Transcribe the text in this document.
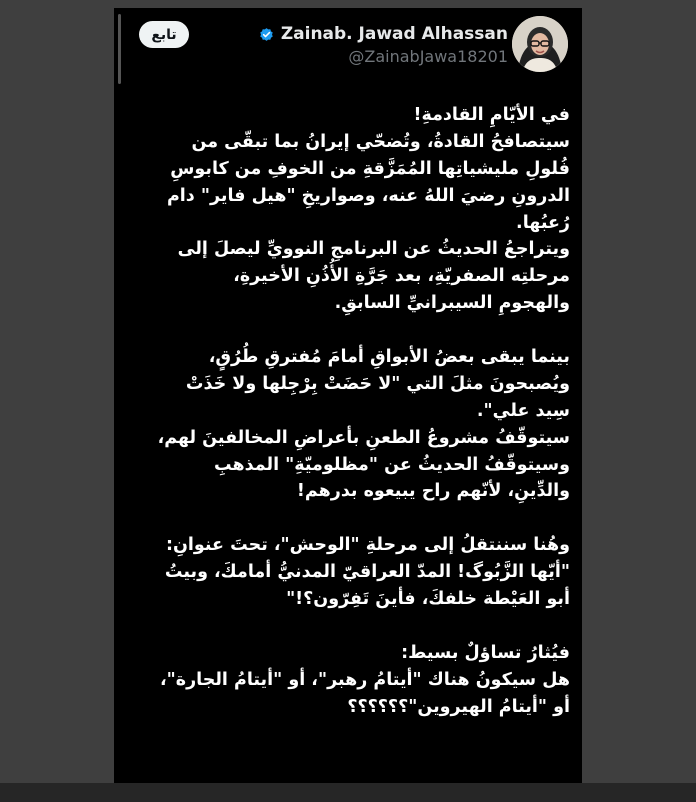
Zainab. Jawad Alhassan
@ZainabJawa18201
تابع
في الأيّامِ القادمةِ!
سيتصافحُ القادةُ، وتُضحّي إيرانُ بما تبقّى من
فُلولِ مليشياتِها المُمَزَّقةِ من الخوفِ من كابوسِ
الدرونِ رضيَ اللهُ عنه، وصواريخِ "هيل فاير" دام
رُعبُها.
ويتراجعُ الحديثُ عن البرنامجِ النوويِّ ليصلَ إلى
مرحلتِه الصفريّةِ، بعد جَرَّةِ الأُذُنِ الأخيرةِ،
والهجومِ السيبرانيِّ السابقِ.
بينما يبقى بعضُ الأبواقِ أمامَ مُفترقِ طُرُقٍ،
ويُصبحونَ مثلَ التي "لا حَضَتْ بِرْجِلها ولا خَذَتْ
سِيد علي".
سيتوقّفُ مشروعُ الطعنِ بأعراضِ المخالفينَ لهم،
وسيتوقّفُ الحديثُ عن "مظلوميّةِ" المذهبِ
والدِّينِ، لأنّهم راح يبيعوه بدرهم!
وهُنا سننتقلُ إلى مرحلةِ "الوحش"، تحتَ عنوانِ:
"أيّها الزَّبُوگ! المدّ العراقيّ المدنيُّ أمامكَ، وبيتُ
أبو العَيْطة خلفكَ، فأينَ تَفِرّون؟!"
فيُثارُ تساؤلٌ بسيط:
هل سيكونُ هناك "أيتامُ رهبر"، أو "أيتامُ الجارة"،
أو "أيتامُ الهيروين"؟؟؟؟؟؟
